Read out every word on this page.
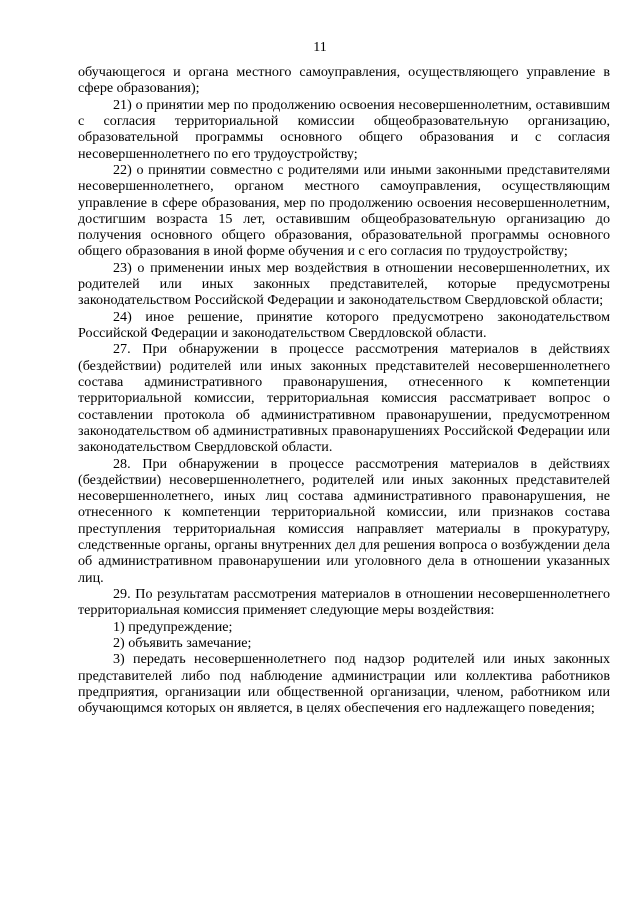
11

обучающегося и органа местного самоуправления, осуществляющего управление в сфере образования);

21) о принятии мер по продолжению освоения несовершеннолетним, оставившим с согласия территориальной комиссии общеобразовательную организацию, образовательной программы основного общего образования и с согласия несовершеннолетнего по его трудоустройству;

22) о принятии совместно с родителями или иными законными представителями несовершеннолетнего, органом местного самоуправления, осуществляющим управление в сфере образования, мер по продолжению освоения несовершеннолетним, достигшим возраста 15 лет, оставившим общеобразовательную организацию до получения основного общего образования, образовательной программы основного общего образования в иной форме обучения и с его согласия по трудоустройству;

23) о применении иных мер воздействия в отношении несовершеннолетних, их родителей или иных законных представителей, которые предусмотрены законодательством Российской Федерации и законодательством Свердловской области;

24) иное решение, принятие которого предусмотрено законодательством Российской Федерации и законодательством Свердловской области.

27. При обнаружении в процессе рассмотрения материалов в действиях (бездействии) родителей или иных законных представителей несовершеннолетнего состава административного правонарушения, отнесенного к компетенции территориальной комиссии, территориальная комиссия рассматривает вопрос о составлении протокола об административном правонарушении, предусмотренном законодательством об административных правонарушениях Российской Федерации или законодательством Свердловской области.

28. При обнаружении в процессе рассмотрения материалов в действиях (бездействии) несовершеннолетнего, родителей или иных законных представителей несовершеннолетнего, иных лиц состава административного правонарушения, не отнесенного к компетенции территориальной комиссии, или признаков состава преступления территориальная комиссия направляет материалы в прокуратуру, следственные органы, органы внутренних дел для решения вопроса о возбуждении дела об административном правонарушении или уголовного дела в отношении указанных лиц.

29. По результатам рассмотрения материалов в отношении несовершеннолетнего территориальная комиссия применяет следующие меры воздействия:

1) предупреждение;

2) объявить замечание;

3) передать несовершеннолетнего под надзор родителей или иных законных представителей либо под наблюдение администрации или коллектива работников предприятия, организации или общественной организации, членом, работником или обучающимся которых он является, в целях обеспечения его надлежащего поведения;
